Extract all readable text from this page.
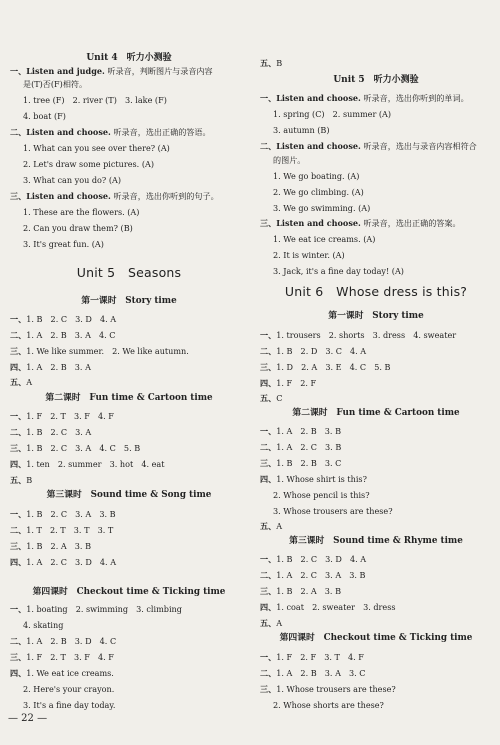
Unit 4　听力小测验
一、Listen and judge. 听录音，判断图片与录音内容
是(T)否(F)相符。
1. tree (F)　2. river (T)　3. lake (F)
4. boat (F)
二、Listen and choose. 听录音，选出正确的答语。
1. What can you see over there? (A)
2. Let's draw some pictures. (A)
3. What can you do? (A)
三、Listen and choose. 听录音，选出你听到的句子。
1. These are the flowers. (A)
2. Can you draw them? (B)
3. It's great fun. (A)
Unit 5　Seasons
第一课时　Story time
一、1. B　2. C　3. D　4. A
二、1. A　2. B　3. A　4. C
三、1. We like summer.　2. We like autumn.
四、1. A　2. B　3. A
五、A
第二课时　Fun time & Cartoon time
一、1. F　2. T　3. F　4. F
二、1. B　2. C　3. A
三、1. B　2. C　3. A　4. C　5. B
四、1. ten　2. summer　3. hot　4. eat
五、B
第三课时　Sound time & Song time
一、1. B　2. C　3. A　3. B
二、1. T　2. T　3. T　3. T
三、1. B　2. A　3. B
四、1. A　2. C　3. D　4. A
第四课时　Checkout time & Ticking time
一、1. boating　2. swimming　3. climbing
4. skating
二、1. A　2. B　3. D　4. C
三、1. F　2. T　3. F　4. F
四、1. We eat ice creams.
2. Here's your crayon.
3. It's a fine day today.
— 22 —
五、B
Unit 5　听力小测验
一、Listen and choose. 听录音，选出你听到的单词。
1. spring (C)　2. summer (A)
3. autumn (B)
二、Listen and choose. 听录音，选出与录音内容相符合
的图片。
1. We go boating. (A)
2. We go climbing. (A)
3. We go swimming. (A)
三、Listen and choose. 听录音，选出正确的答案。
1. We eat ice creams. (A)
2. It is winter. (A)
3. Jack, it's a fine day today! (A)
Unit 6　Whose dress is this?
第一课时　Story time
一、1. trousers　2. shorts　3. dress　4. sweater
二、1. B　2. D　3. C　4. A
三、1. D　2. A　3. E　4. C　5. B
四、1. F　2. F
五、C
第二课时　Fun time & Cartoon time
一、1. A　2. B　3. B
二、1. A　2. C　3. B
三、1. B　2. B　3. C
四、1. Whose shirt is this?
2. Whose pencil is this?
3. Whose trousers are these?
五、A
第三课时　Sound time & Rhyme time
一、1. B　2. C　3. D　4. A
二、1. A　2. C　3. A　3. B
三、1. B　2. A　3. B
四、1. coat　2. sweater　3. dress
五、A
第四课时　Checkout time & Ticking time
一、1. F　2. F　3. T　4. F
二、1. A　2. B　3. A　3. C
三、1. Whose trousers are these?
2. Whose shorts are these?
